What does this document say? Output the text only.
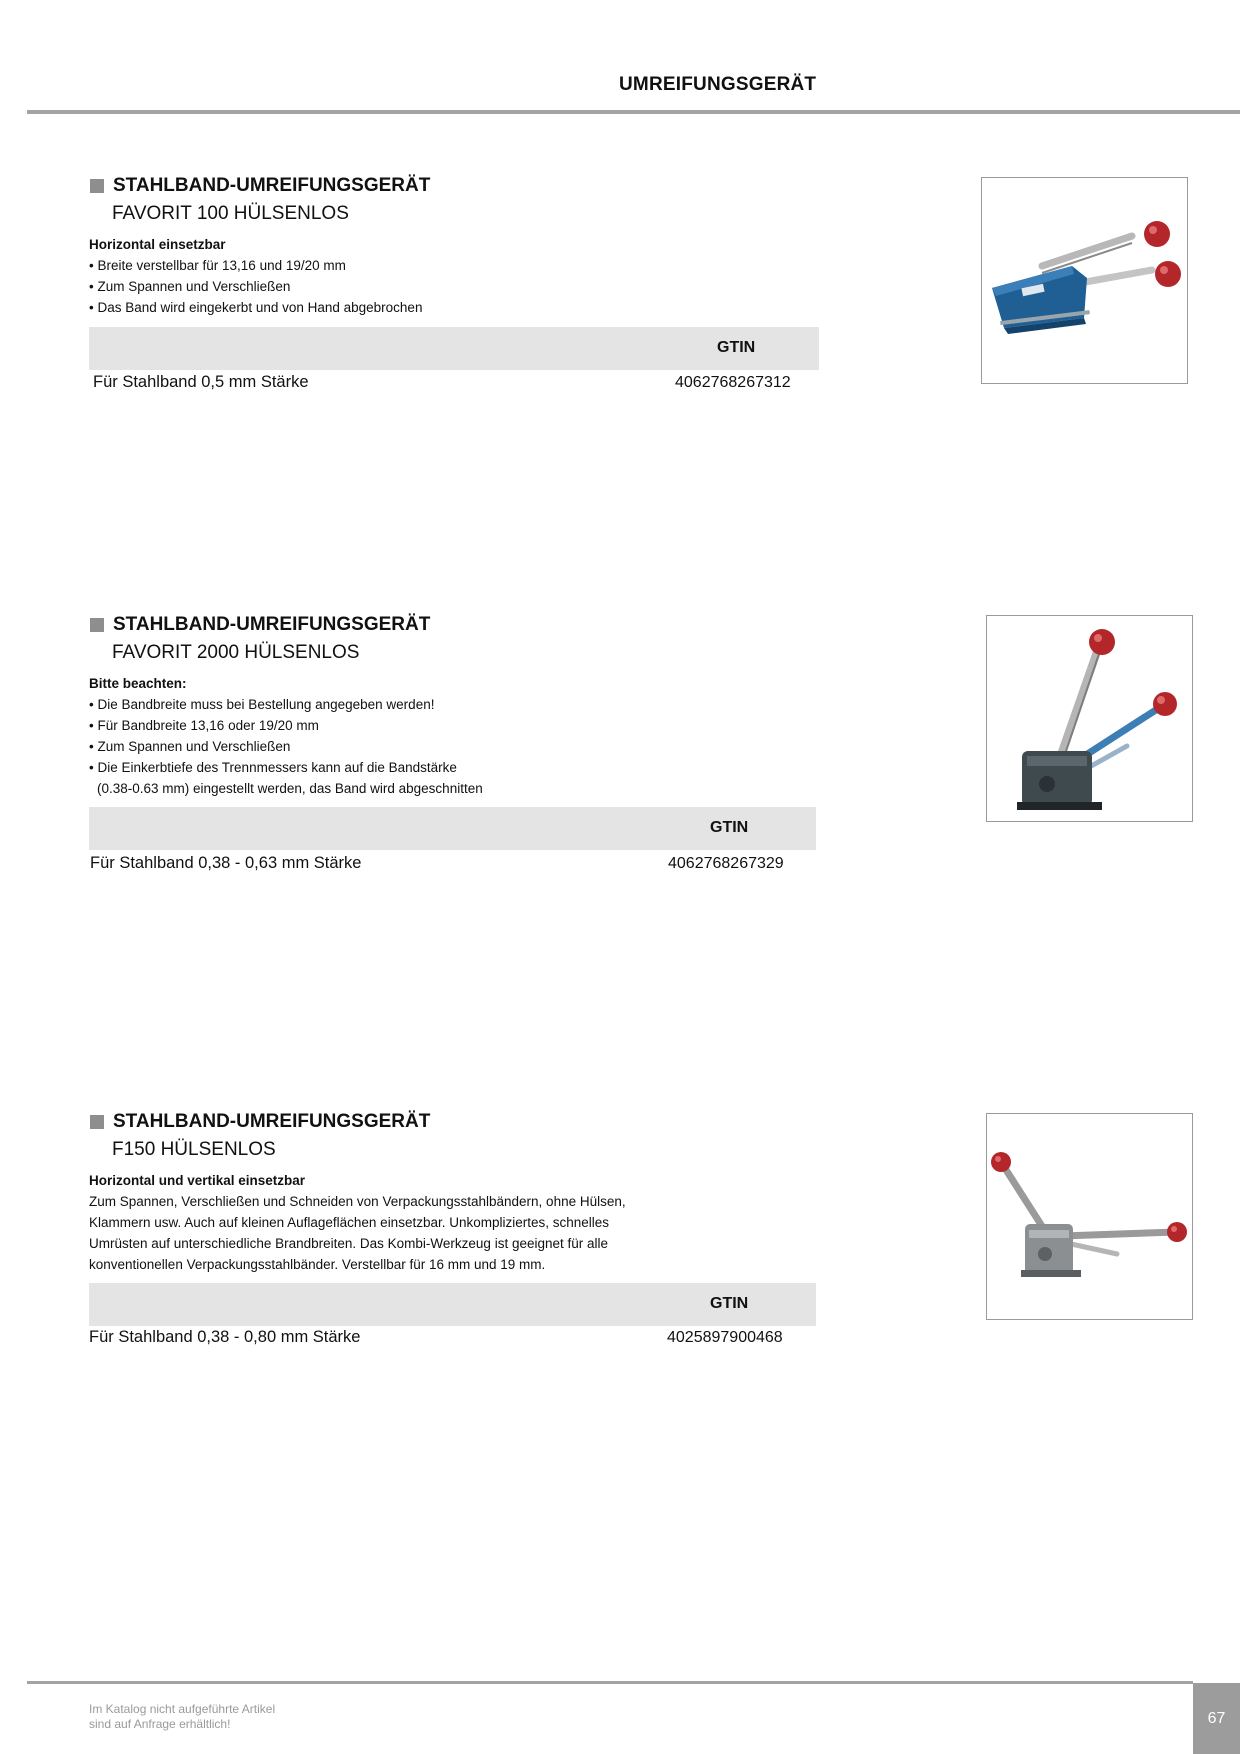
UMREIFUNGSGERÄT
STAHLBAND-UMREIFUNGSGERÄT
FAVORIT 100 HÜLSENLOS
Horizontal einsetzbar
• Breite verstellbar für 13,16 und 19/20 mm
• Zum Spannen und Verschließen
• Das Band wird eingekerbt und von Hand abgebrochen
GTIN
Für Stahlband 0,5 mm Stärke	4062768267312
STAHLBAND-UMREIFUNGSGERÄT
FAVORIT 2000 HÜLSENLOS
Bitte beachten:
• Die Bandbreite muss bei Bestellung angegeben werden!
• Für Bandbreite 13,16 oder 19/20 mm
• Zum Spannen und Verschließen
• Die Einkerbtiefe des Trennmessers kann auf die Bandstärke
(0.38-0.63 mm) eingestellt werden, das Band wird abgeschnitten
GTIN
Für Stahlband 0,38 - 0,63 mm Stärke	4062768267329
STAHLBAND-UMREIFUNGSGERÄT
F150 HÜLSENLOS
Horizontal und vertikal einsetzbar
Zum Spannen, Verschließen und Schneiden von Verpackungsstahlbändern, ohne Hülsen,
Klammern usw. Auch auf kleinen Auflageflächen einsetzbar. Unkompliziertes, schnelles
Umrüsten auf unterschiedliche Brandbreiten. Das Kombi-Werkzeug ist geeignet für alle
konventionellen Verpackungsstahlbänder. Verstellbar für 16 mm und 19 mm.
GTIN
Für Stahlband 0,38 - 0,80 mm Stärke	4025897900468
Im Katalog nicht aufgeführte Artikel
sind auf Anfrage erhältlich!	67
